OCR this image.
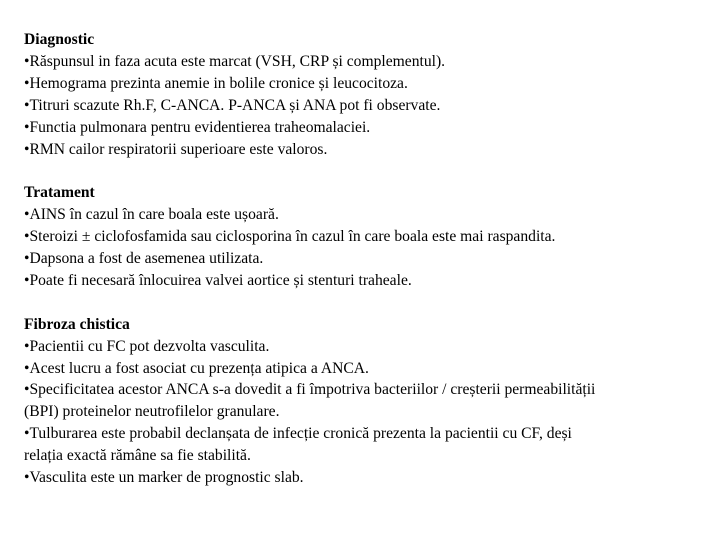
Diagnostic
•Răspunsul in faza acuta este marcat (VSH, CRP și complementul).
•Hemograma prezinta anemie in bolile cronice și leucocitoza.
•Titruri scazute Rh.F, C-ANCA. P-ANCA și ANA pot fi observate.
•Functia pulmonara pentru evidentierea traheomalaciei.
•RMN cailor respiratorii superioare este valoros.
Tratament
•AINS în cazul în care boala este ușoară.
•Steroizi ± ciclofosfamida sau ciclosporina în cazul în care boala este mai raspandita.
•Dapsona a fost de asemenea utilizata.
•Poate fi necesară înlocuirea valvei aortice și stenturi traheale.
Fibroza chistica
•Pacientii cu FC pot dezvolta vasculita.
•Acest lucru a fost asociat cu prezența atipica a ANCA.
•Specificitatea acestor ANCA s-a dovedit a fi împotriva bacteriilor / creșterii permeabilității
(BPI) proteinelor neutrofilelor granulare.
•Tulburarea este probabil declanșata de infecție cronică prezenta la pacientii cu CF, deși
relația exactă rămâne sa fie stabilită.
•Vasculita este un marker de prognostic slab.
